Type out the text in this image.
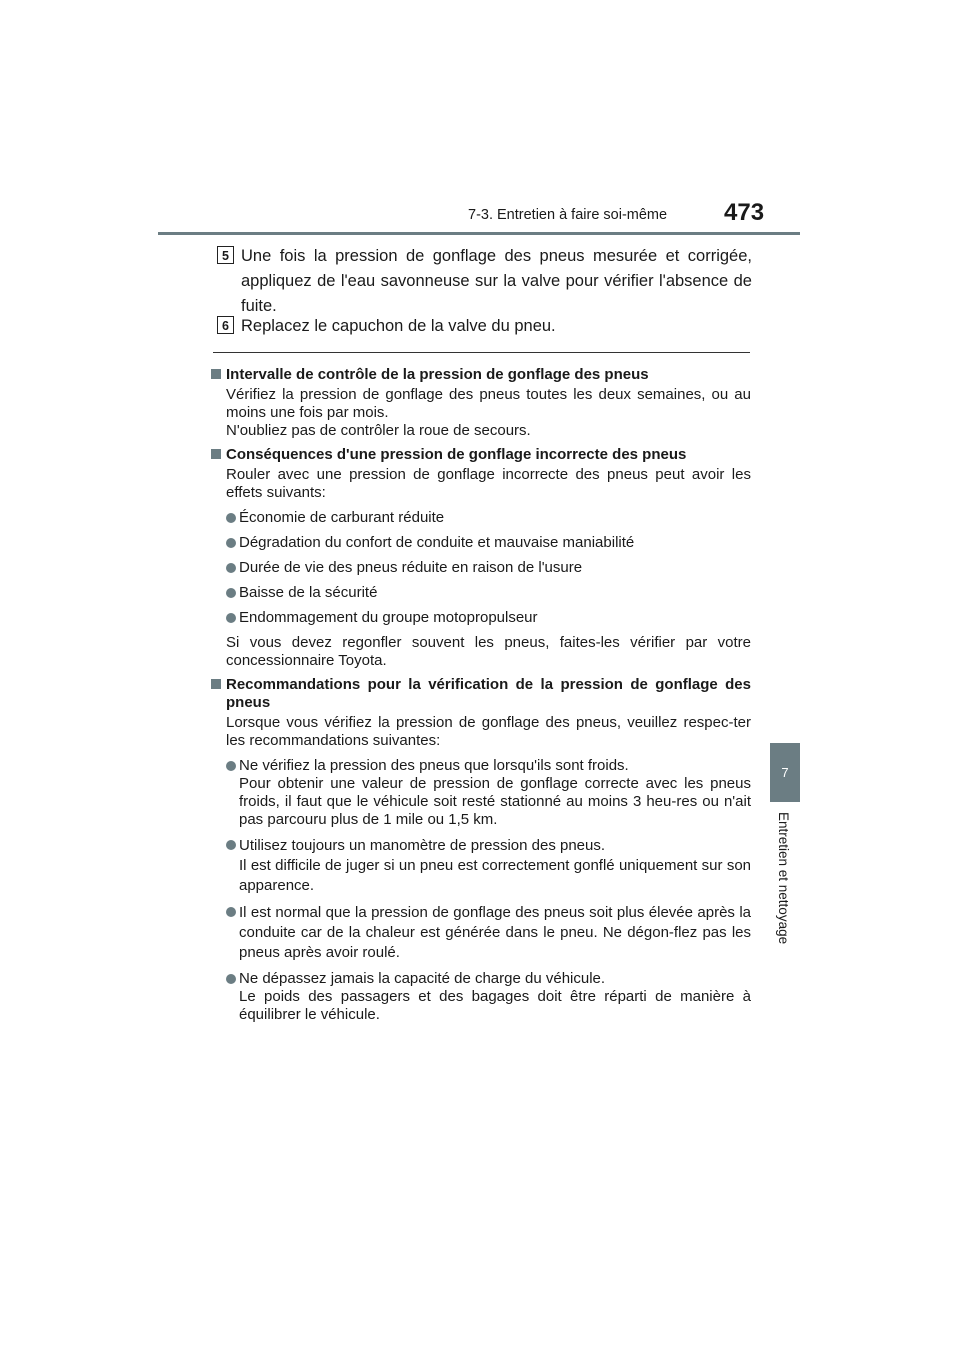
7-3. Entretien à faire soi-même 473
7
Entretien et nettoyage
5 Une fois la pression de gonflage des pneus mesurée et corrigée, appliquez de l'eau savonneuse sur la valve pour vérifier l'absence de fuite.
6 Replacez le capuchon de la valve du pneu.
Intervalle de contrôle de la pression de gonflage des pneus
Vérifiez la pression de gonflage des pneus toutes les deux semaines, ou au moins une fois par mois.
N'oubliez pas de contrôler la roue de secours.
Conséquences d'une pression de gonflage incorrecte des pneus
Rouler avec une pression de gonflage incorrecte des pneus peut avoir les effets suivants:
Économie de carburant réduite
Dégradation du confort de conduite et mauvaise maniabilité
Durée de vie des pneus réduite en raison de l'usure
Baisse de la sécurité
Endommagement du groupe motopropulseur
Si vous devez regonfler souvent les pneus, faites-les vérifier par votre concessionnaire Toyota.
Recommandations pour la vérification de la pression de gonflage des pneus
Lorsque vous vérifiez la pression de gonflage des pneus, veuillez respec-ter les recommandations suivantes:
Ne vérifiez la pression des pneus que lorsqu'ils sont froids.
Pour obtenir une valeur de pression de gonflage correcte avec les pneus froids, il faut que le véhicule soit resté stationné au moins 3 heu-res ou n'ait pas parcouru plus de 1 mile ou 1,5 km.
Utilisez toujours un manomètre de pression des pneus.
Il est difficile de juger si un pneu est correctement gonflé uniquement sur son apparence.
Il est normal que la pression de gonflage des pneus soit plus élevée après la conduite car de la chaleur est générée dans le pneu. Ne dégon-flez pas les pneus après avoir roulé.
Ne dépassez jamais la capacité de charge du véhicule.
Le poids des passagers et des bagages doit être réparti de manière à équilibrer le véhicule.
